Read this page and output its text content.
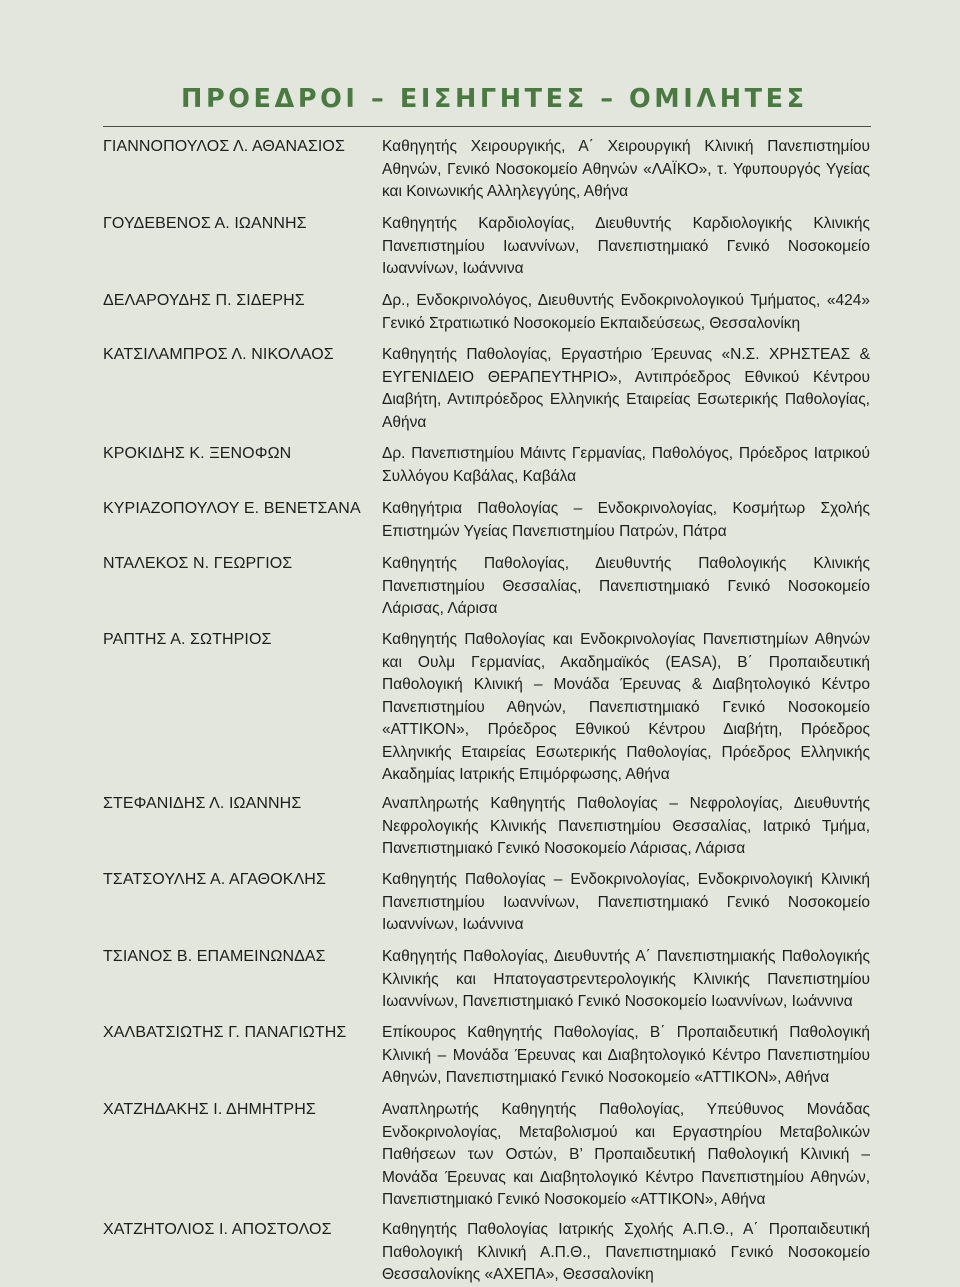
ΠΡΟΕΔΡΟΙ – ΕΙΣΗΓΗΤΕΣ – ΟΜΙΛΗΤΕΣ
ΓΙΑΝΝΟΠΟΥΛΟΣ Λ. ΑΘΑΝΑΣΙΟΣ	Καθηγητής Χειρουργικής, Α΄ Χειρουργική Κλινική Πανεπιστημίου Αθηνών, Γενικό Νοσοκομείο Αθηνών «ΛΑΪΚΟ», τ. Υφυπουργός Υγείας και Κοινωνικής Αλληλεγγύης, Αθήνα
ΓΟΥΔΕΒΕΝΟΣ Α. ΙΩΑΝΝΗΣ	Καθηγητής Καρδιολογίας, Διευθυντής Καρδιολογικής Κλινικής Πανεπιστημίου Ιωαννίνων, Πανεπιστημιακό Γενικό Νοσοκομείο Ιωαννίνων, Ιωάννινα
ΔΕΛΑΡΟΥΔΗΣ Π. ΣΙΔΕΡΗΣ	Δρ., Ενδοκρινολόγος, Διευθυντής Ενδοκρινολογικού Τμήματος, «424» Γενικό Στρατιωτικό Νοσοκομείο Εκπαιδεύσεως, Θεσσαλονίκη
ΚΑΤΣΙΛΑΜΠΡΟΣ Λ. ΝΙΚΟΛΑΟΣ	Καθηγητής Παθολογίας, Εργαστήριο Έρευνας «Ν.Σ. ΧΡΗΣΤΕΑΣ & ΕΥΓΕΝΙΔΕΙΟ ΘΕΡΑΠΕΥΤΗΡΙΟ», Αντιπρόεδρος Εθνικού Κέντρου Διαβήτη, Αντιπρόεδρος Ελληνικής Εταιρείας Εσωτερικής Παθολογίας, Αθήνα
ΚΡΟΚΙΔΗΣ Κ. ΞΕΝΟΦΩΝ	Δρ. Πανεπιστημίου Μάιντς Γερμανίας, Παθολόγος, Πρόεδρος Ιατρικού Συλλόγου Καβάλας, Καβάλα
ΚΥΡΙΑΖΟΠΟΥΛΟΥ Ε. ΒΕΝΕΤΣΑΝΑ	Καθηγήτρια Παθολογίας – Ενδοκρινολογίας, Κοσμήτωρ Σχολής Επιστημών Υγείας Πανεπιστημίου Πατρών, Πάτρα
ΝΤΑΛΕΚΟΣ Ν. ΓΕΩΡΓΙΟΣ	Καθηγητής Παθολογίας, Διευθυντής Παθολογικής Κλινικής Πανεπιστημίου Θεσσαλίας, Πανεπιστημιακό Γενικό Νοσοκομείο Λάρισας, Λάρισα
ΡΑΠΤΗΣ Α. ΣΩΤΗΡΙΟΣ	Καθηγητής Παθολογίας και Ενδοκρινολογίας Πανεπιστημίων Αθηνών και Ουλμ Γερμανίας, Ακαδημαϊκός (EASA), Β΄ Προπαιδευτική Παθολογική Κλινική – Μονάδα Έρευνας & Διαβητολογικό Κέντρο Πανεπιστημίου Αθηνών, Πανεπιστημιακό Γενικό Νοσοκομείο «ΑΤΤΙΚΟΝ», Πρόεδρος Εθνικού Κέντρου Διαβήτη, Πρόεδρος Ελληνικής Εταιρείας Εσωτερικής Παθολογίας, Πρόεδρος Ελληνικής Ακαδημίας Ιατρικής Επιμόρφωσης, Αθήνα
ΣΤΕΦΑΝΙΔΗΣ Λ. ΙΩΑΝΝΗΣ	Αναπληρωτής Καθηγητής Παθολογίας – Νεφρολογίας, Διευθυντής Νεφρολογικής Κλινικής Πανεπιστημίου Θεσσαλίας, Ιατρικό Τμήμα, Πανεπιστημιακό Γενικό Νοσοκομείο Λάρισας, Λάρισα
ΤΣΑΤΣΟΥΛΗΣ Α. ΑΓΑΘΟΚΛΗΣ	Καθηγητής Παθολογίας – Ενδοκρινολογίας, Ενδοκρινολογική Κλινική Πανεπιστημίου Ιωαννίνων, Πανεπιστημιακό Γενικό Νοσοκομείο Ιωαννίνων, Ιωάννινα
ΤΣΙΑΝΟΣ Β. ΕΠΑΜΕΙΝΩΝΔΑΣ	Καθηγητής Παθολογίας, Διευθυντής Α΄ Πανεπιστημιακής Παθολογικής Κλινικής και Ηπατογαστρεντερολογικής Κλινικής Πανεπιστημίου Ιωαννίνων, Πανεπιστημιακό Γενικό Νοσοκομείο Ιωαννίνων, Ιωάννινα
ΧΑΛΒΑΤΣΙΩΤΗΣ Γ. ΠΑΝΑΓΙΩΤΗΣ	Επίκουρος Καθηγητής Παθολογίας, Β΄ Προπαιδευτική Παθολογική Κλινική – Μονάδα Έρευνας και Διαβητολογικό Κέντρο Πανεπιστημίου Αθηνών, Πανεπιστημιακό Γενικό Νοσοκομείο «ΑΤΤΙΚΟΝ», Αθήνα
ΧΑΤΖΗΔΑΚΗΣ Ι. ΔΗΜΗΤΡΗΣ	Αναπληρωτής Καθηγητής Παθολογίας, Υπεύθυνος Μονάδας Ενδοκρινολογίας, Μεταβολισμού και Εργαστηρίου Μεταβολικών Παθήσεων των Οστών, Β’ Προπαιδευτική Παθολογική Κλινική – Μονάδα Έρευνας και Διαβητολογικό Κέντρο Πανεπιστημίου Αθηνών, Πανεπιστημιακό Γενικό Νοσοκομείο «ΑΤΤΙΚΟΝ», Αθήνα
ΧΑΤΖΗΤΟΛΙΟΣ Ι. ΑΠΟΣΤΟΛΟΣ	Καθηγητής Παθολογίας Ιατρικής Σχολής Α.Π.Θ., Α΄ Προπαιδευτική Παθολογική Κλινική Α.Π.Θ., Πανεπιστημιακό Γενικό Νοσοκομείο Θεσσαλονίκης «ΑΧΕΠΑ», Θεσσαλονίκη
